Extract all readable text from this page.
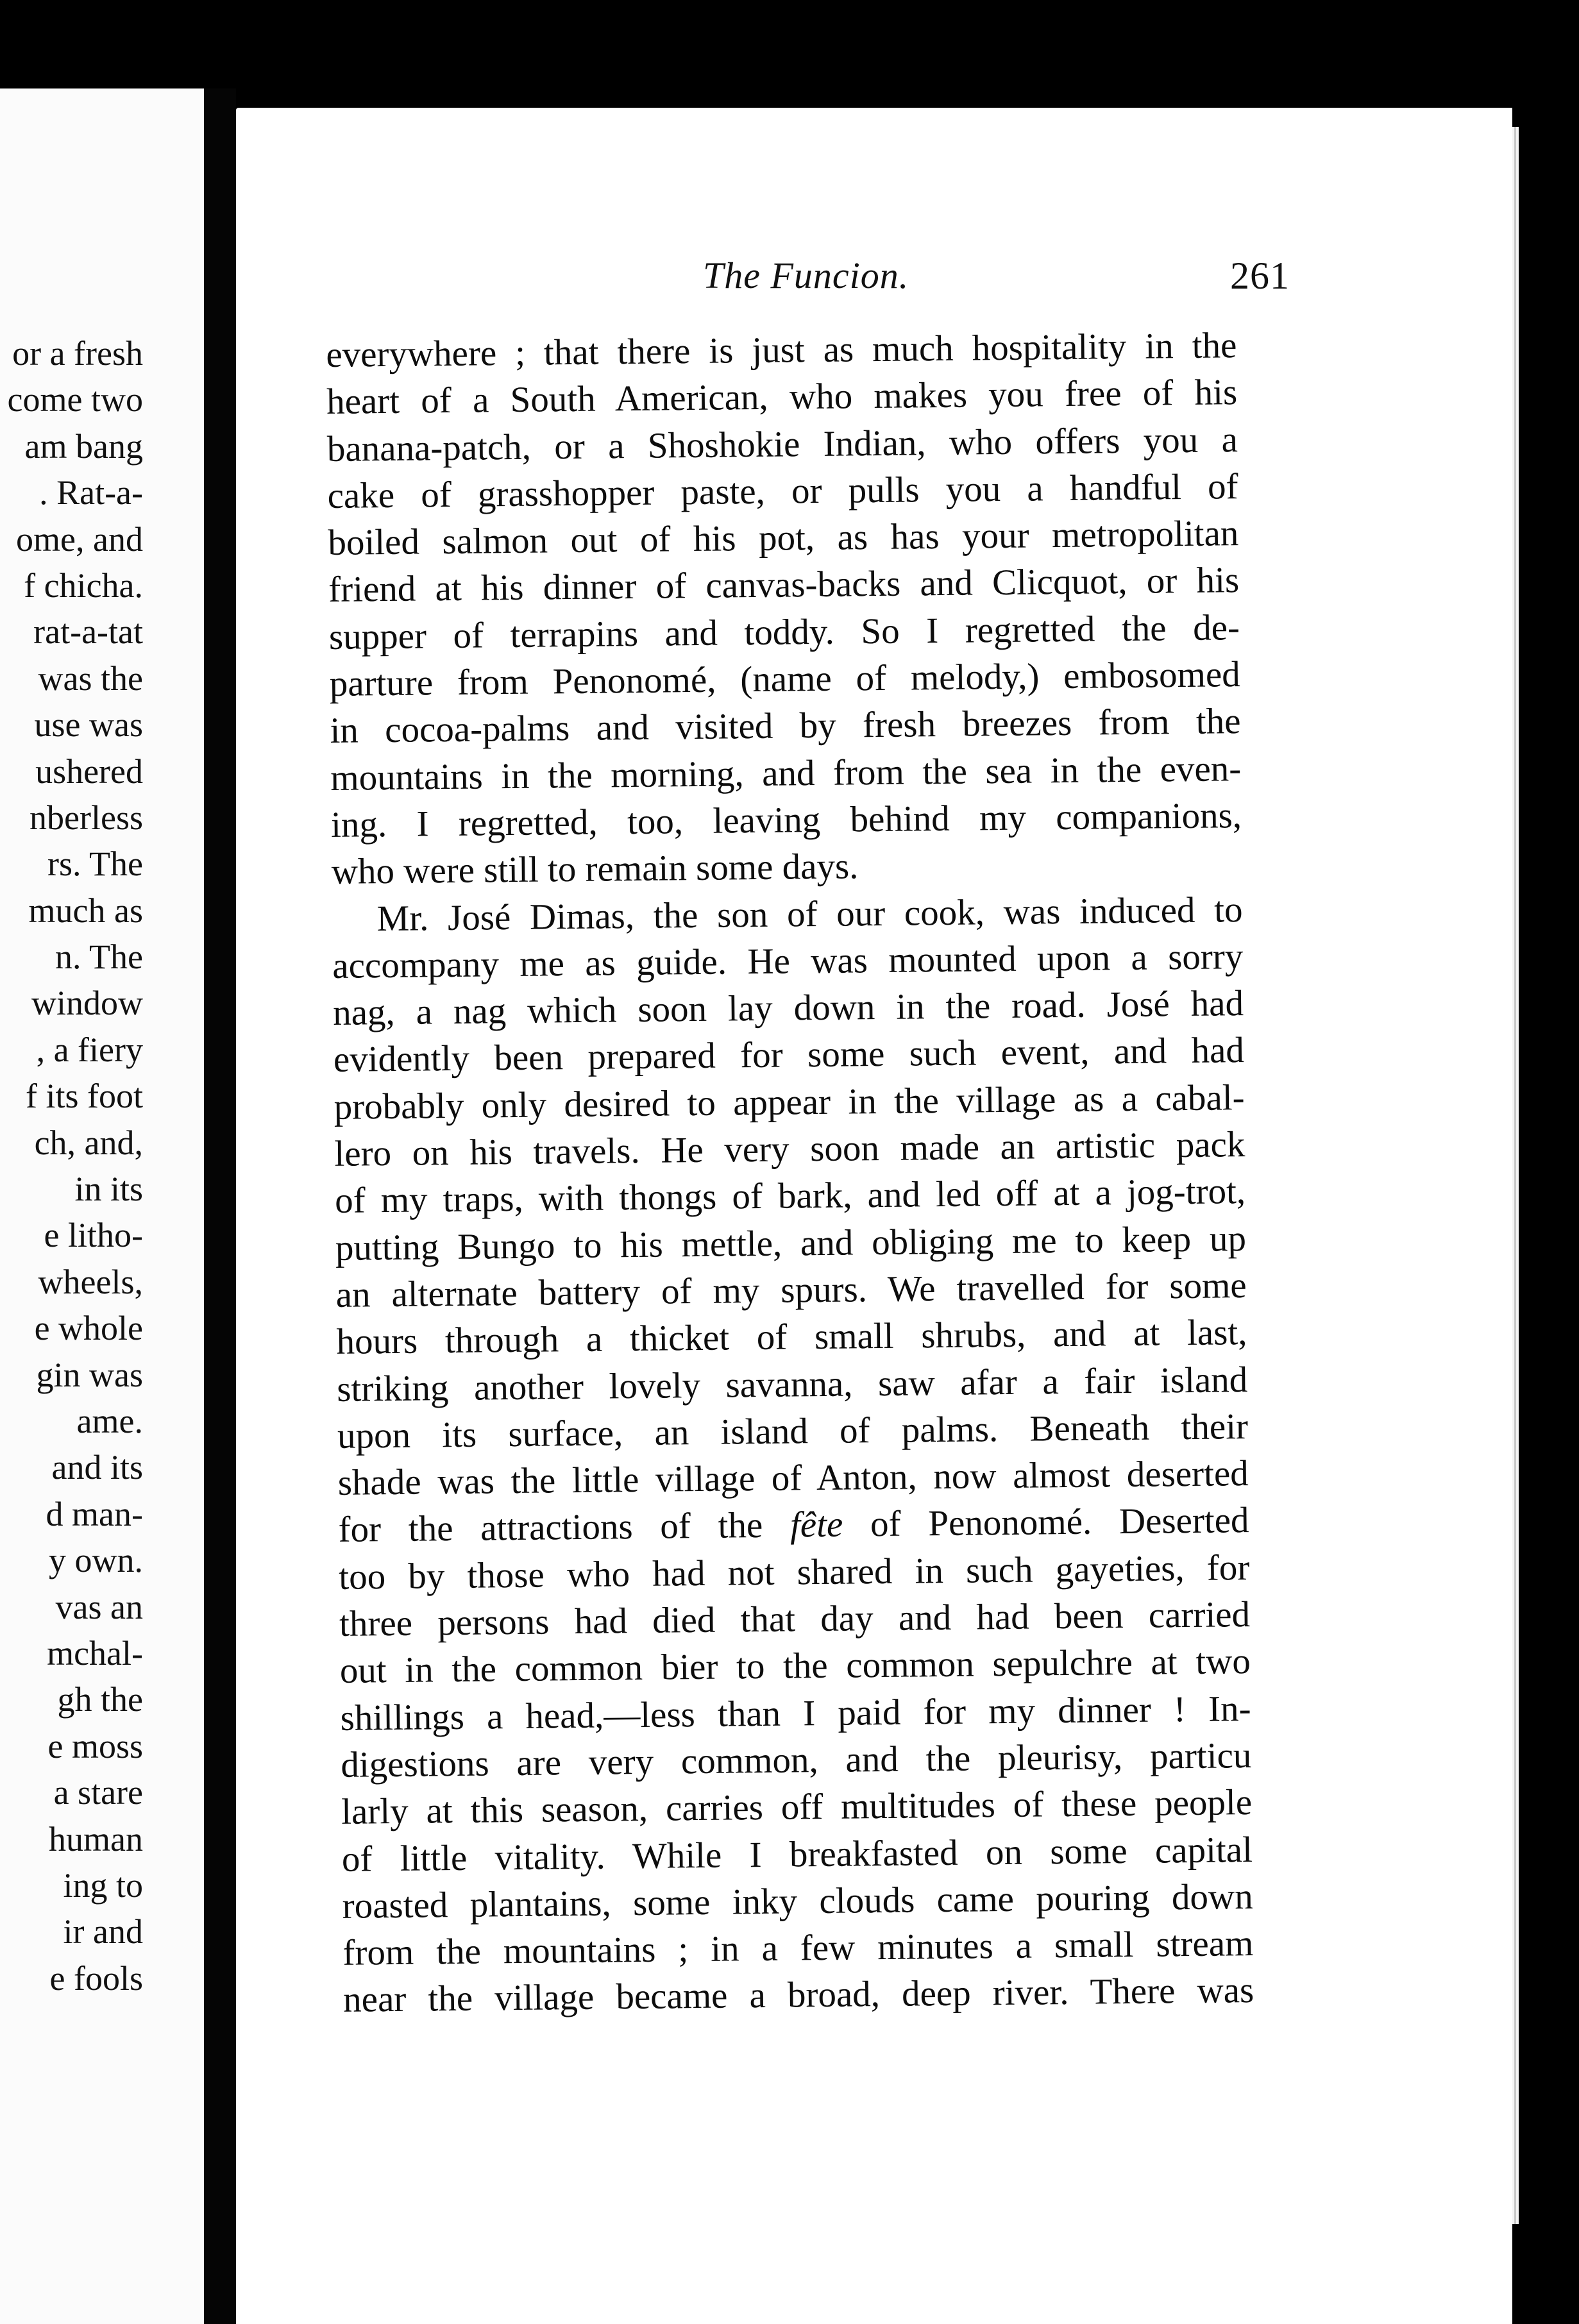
or a fresh
come two
am bang
. Rat-a-
ome, and
f chicha.
rat-a-tat
was the
use was
ushered
nberless
rs. The
much as
n. The
window
, a fiery
f its foot
ch, and,
in its
e litho-
wheels,
e whole
gin was
ame.
and its
d man-
y own.
vas an
mchal-
gh the
e moss
a stare
human
ing to
ir and
e fools
The Funcion.	261
everywhere ; that there is just as much hospitality in the
heart of a South American, who makes you free of his
banana-patch, or a Shoshokie Indian, who offers you a
cake of grasshopper paste, or pulls you a handful of
boiled salmon out of his pot, as has your metropolitan
friend at his dinner of canvas-backs and Clicquot, or his
supper of terrapins and toddy. So I regretted the de-
parture from Penonomé, (name of melody,) embosomed
in cocoa-palms and visited by fresh breezes from the
mountains in the morning, and from the sea in the even-
ing. I regretted, too, leaving behind my companions,
who were still to remain some days.
Mr. José Dimas, the son of our cook, was induced to
accompany me as guide. He was mounted upon a sorry
nag, a nag which soon lay down in the road. José had
evidently been prepared for some such event, and had
probably only desired to appear in the village as a cabal-
lero on his travels. He very soon made an artistic pack
of my traps, with thongs of bark, and led off at a jog-trot,
putting Bungo to his mettle, and obliging me to keep up
an alternate battery of my spurs. We travelled for some
hours through a thicket of small shrubs, and at last,
striking another lovely savanna, saw afar a fair island
upon its surface, an island of palms. Beneath their
shade was the little village of Anton, now almost deserted
for the attractions of the fête of Penonomé. Deserted
too by those who had not shared in such gayeties, for
three persons had died that day and had been carried
out in the common bier to the common sepulchre at two
shillings a head,—less than I paid for my dinner ! In-
digestions are very common, and the pleurisy, particu
larly at this season, carries off multitudes of these people
of little vitality. While I breakfasted on some capital
roasted plantains, some inky clouds came pouring down
from the mountains ; in a few minutes a small stream
near the village became a broad, deep river. There was
